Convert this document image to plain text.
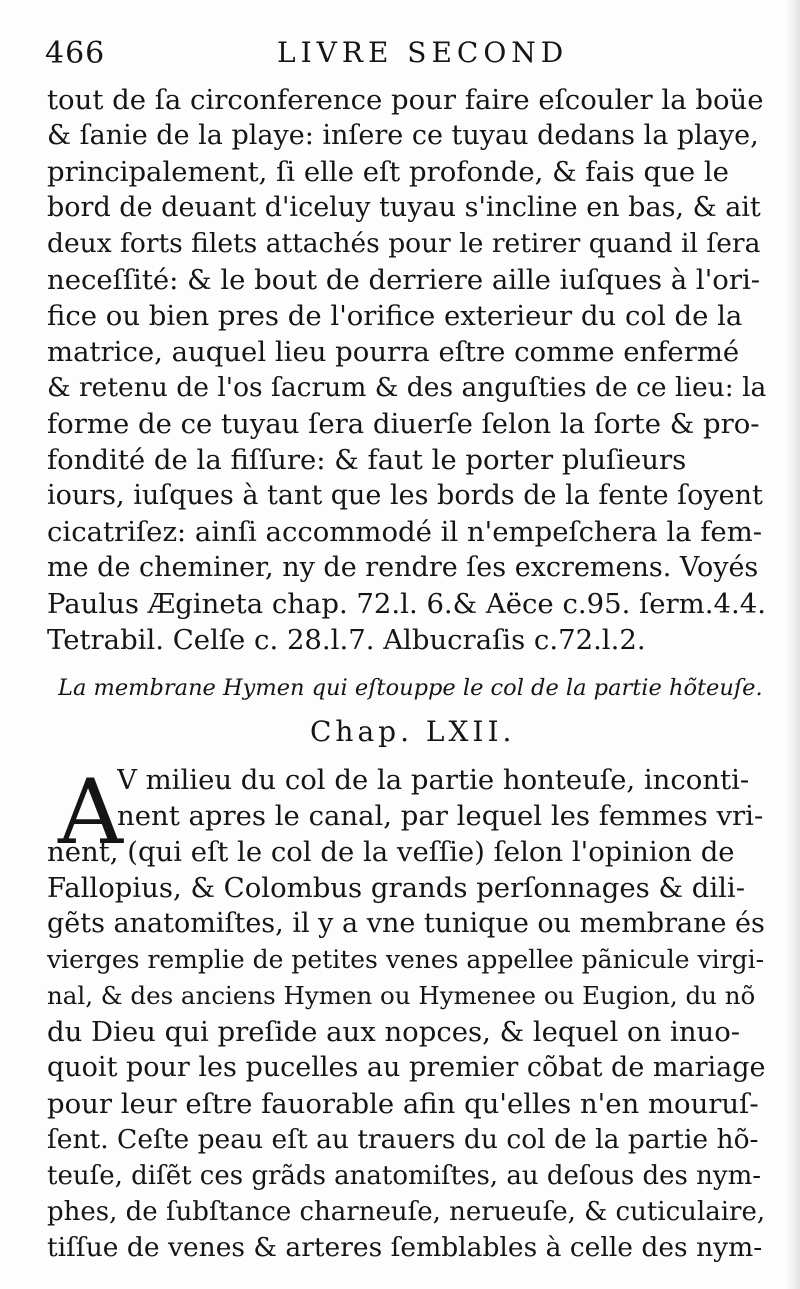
466	LIVRE SECOND
tout de ſa circonference pour faire eſcouler la boüe
& ſanie de la playe: inſere ce tuyau dedans la playe,
principalement, ſi elle eſt profonde, & fais que le
bord de deuant d'iceluy tuyau s'incline en bas, & ait
deux forts filets attachés pour le retirer quand il ſera
neceſſité: & le bout de derriere aille iuſques à l'ori-
fice ou bien pres de l'orifice exterieur du col de la
matrice, auquel lieu pourra eſtre comme enfermé
& retenu de l'os ſacrum & des anguſties de ce lieu: la
forme de ce tuyau ſera diuerſe ſelon la ſorte & pro-
fondité de la fiſſure: & faut le porter pluſieurs
iours, iuſques à tant que les bords de la fente ſoyent
cicatriſez: ainſi accommodé il n'empeſchera la fem-
me de cheminer, ny de rendre ſes excremens. Voyés
Paulus Ægineta chap. 72.l. 6.& Aëce c.95. ſerm.4.4.
Tetrabil. Celſe c. 28.l.7. Albucraſis c.72.l.2.
La membrane Hymen qui eſtouppe le col de la partie hõteuſe.
Chap. LXII.
A
V milieu du col de la partie honteuſe, inconti-
nent apres le canal, par lequel les femmes vri-
nent, (qui eſt le col de la veſſie) ſelon l'opinion de
Fallopius, & Colombus grands perſonnages & dili-
gẽts anatomiſtes, il y a vne tunique ou membrane és
vierges remplie de petites venes appellee pãnicule virgi-
nal, & des anciens Hymen ou Hymenee ou Eugion, du nõ
du Dieu qui preſide aux nopces, & lequel on inuo-
quoit pour les pucelles au premier cõbat de mariage
pour leur eſtre fauorable afin qu'elles n'en mouruſ-
ſent. Ceſte peau eſt au trauers du col de la partie hõ-
teuſe, diſẽt ces grãds anatomiſtes, au deſous des nym-
phes, de ſubſtance charneuſe, nerueuſe, & cuticulaire,
tiſſue de venes & arteres ſemblables à celle des nym-
